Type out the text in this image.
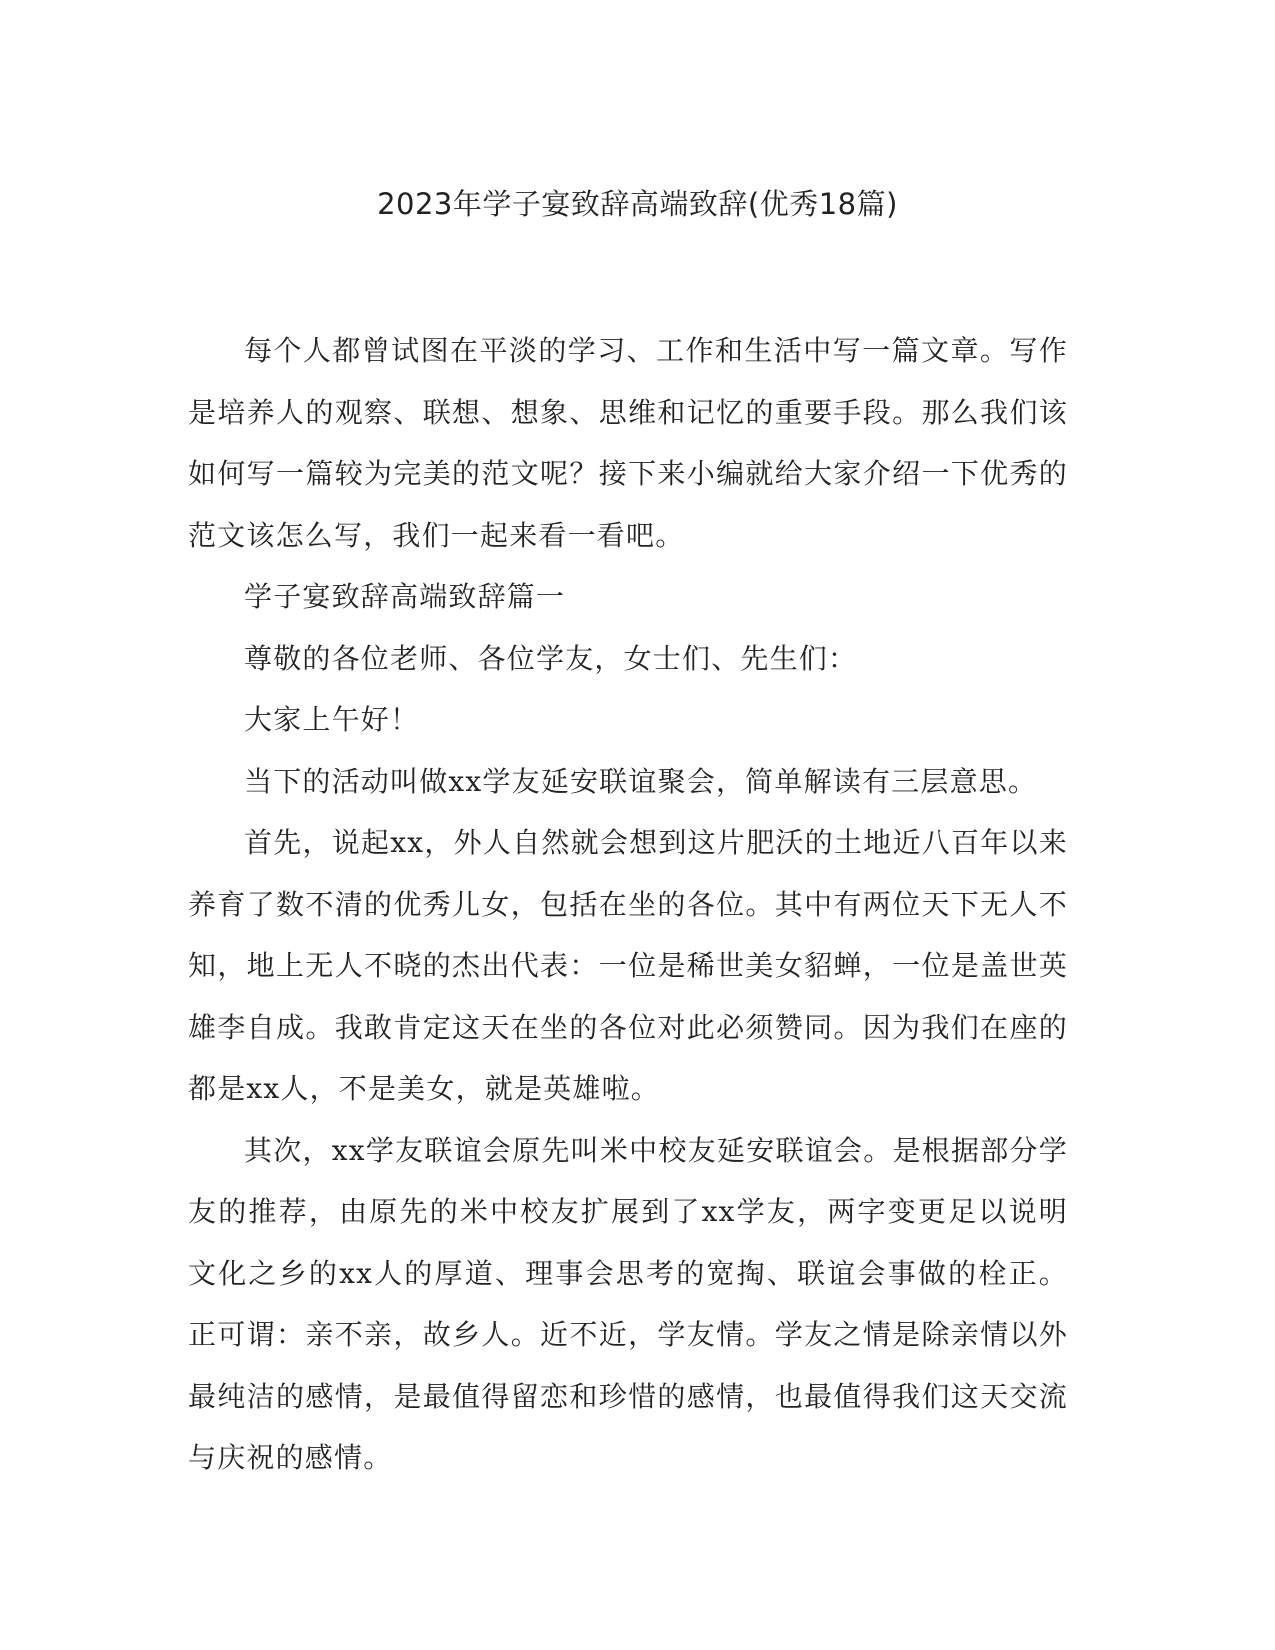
2023年学子宴致辞高端致辞(优秀18篇)

每个人都曾试图在平淡的学习、工作和生活中写一篇文章。写作是培养人的观察、联想、想象、思维和记忆的重要手段。那么我们该如何写一篇较为完美的范文呢？接下来小编就给大家介绍一下优秀的范文该怎么写，我们一起来看一看吧。

学子宴致辞高端致辞篇一

尊敬的各位老师、各位学友，女士们、先生们：

大家上午好！

当下的活动叫做xx学友延安联谊聚会，简单解读有三层意思。

首先，说起xx，外人自然就会想到这片肥沃的土地近八百年以来养育了数不清的优秀儿女，包括在坐的各位。其中有两位天下无人不知，地上无人不晓的杰出代表：一位是稀世美女貂蝉，一位是盖世英雄李自成。我敢肯定这天在坐的各位对此必须赞同。因为我们在座的都是xx人，不是美女，就是英雄啦。

其次，xx学友联谊会原先叫米中校友延安联谊会。是根据部分学友的推荐，由原先的米中校友扩展到了xx学友，两字变更足以说明文化之乡的xx人的厚道、理事会思考的宽掏、联谊会事做的栓正。正可谓：亲不亲，故乡人。近不近，学友情。学友之情是除亲情以外最纯洁的感情，是最值得留恋和珍惜的感情，也最值得我们这天交流与庆祝的感情。
